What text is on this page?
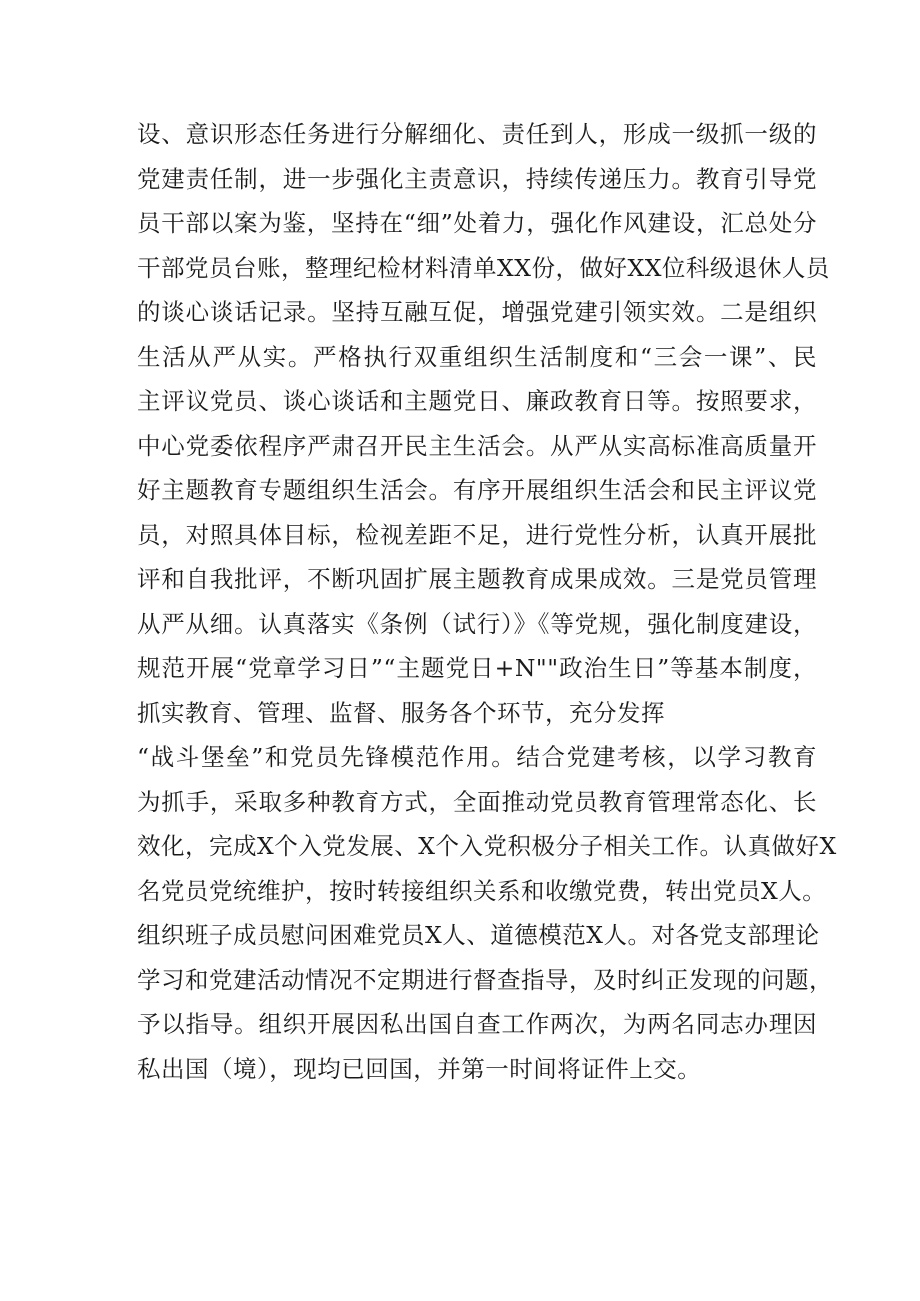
设、意识形态任务进行分解细化、责任到人，形成一级抓一级的
党建责任制，进一步强化主责意识，持续传递压力。教育引导党
员干部以案为鉴，坚持在“细”处着力，强化作风建设，汇总处分
干部党员台账，整理纪检材料清单XX份，做好XX位科级退休人员
的谈心谈话记录。坚持互融互促，增强党建引领实效。二是组织
生活从严从实。严格执行双重组织生活制度和“三会一课”、民
主评议党员、谈心谈话和主题党日、廉政教育日等。按照要求，
中心党委依程序严肃召开民主生活会。从严从实高标准高质量开
好主题教育专题组织生活会。有序开展组织生活会和民主评议党
员，对照具体目标，检视差距不足，进行党性分析，认真开展批
评和自我批评，不断巩固扩展主题教育成果成效。三是党员管理
从严从细。认真落实《条例（试行）》《等党规，强化制度建设，
规范开展“党章学习日”“主题党日+N""政治生日”等基本制度，
抓实教育、管理、监督、服务各个环节，充分发挥
“战斗堡垒”和党员先锋模范作用。结合党建考核，以学习教育
为抓手，采取多种教育方式，全面推动党员教育管理常态化、长
效化，完成X个入党发展、X个入党积极分子相关工作。认真做好X
名党员党统维护，按时转接组织关系和收缴党费，转出党员X人。
组织班子成员慰问困难党员X人、道德模范X人。对各党支部理论
学习和党建活动情况不定期进行督查指导，及时纠正发现的问题，
予以指导。组织开展因私出国自查工作两次，为两名同志办理因
私出国（境），现均已回国，并第一时间将证件上交。
